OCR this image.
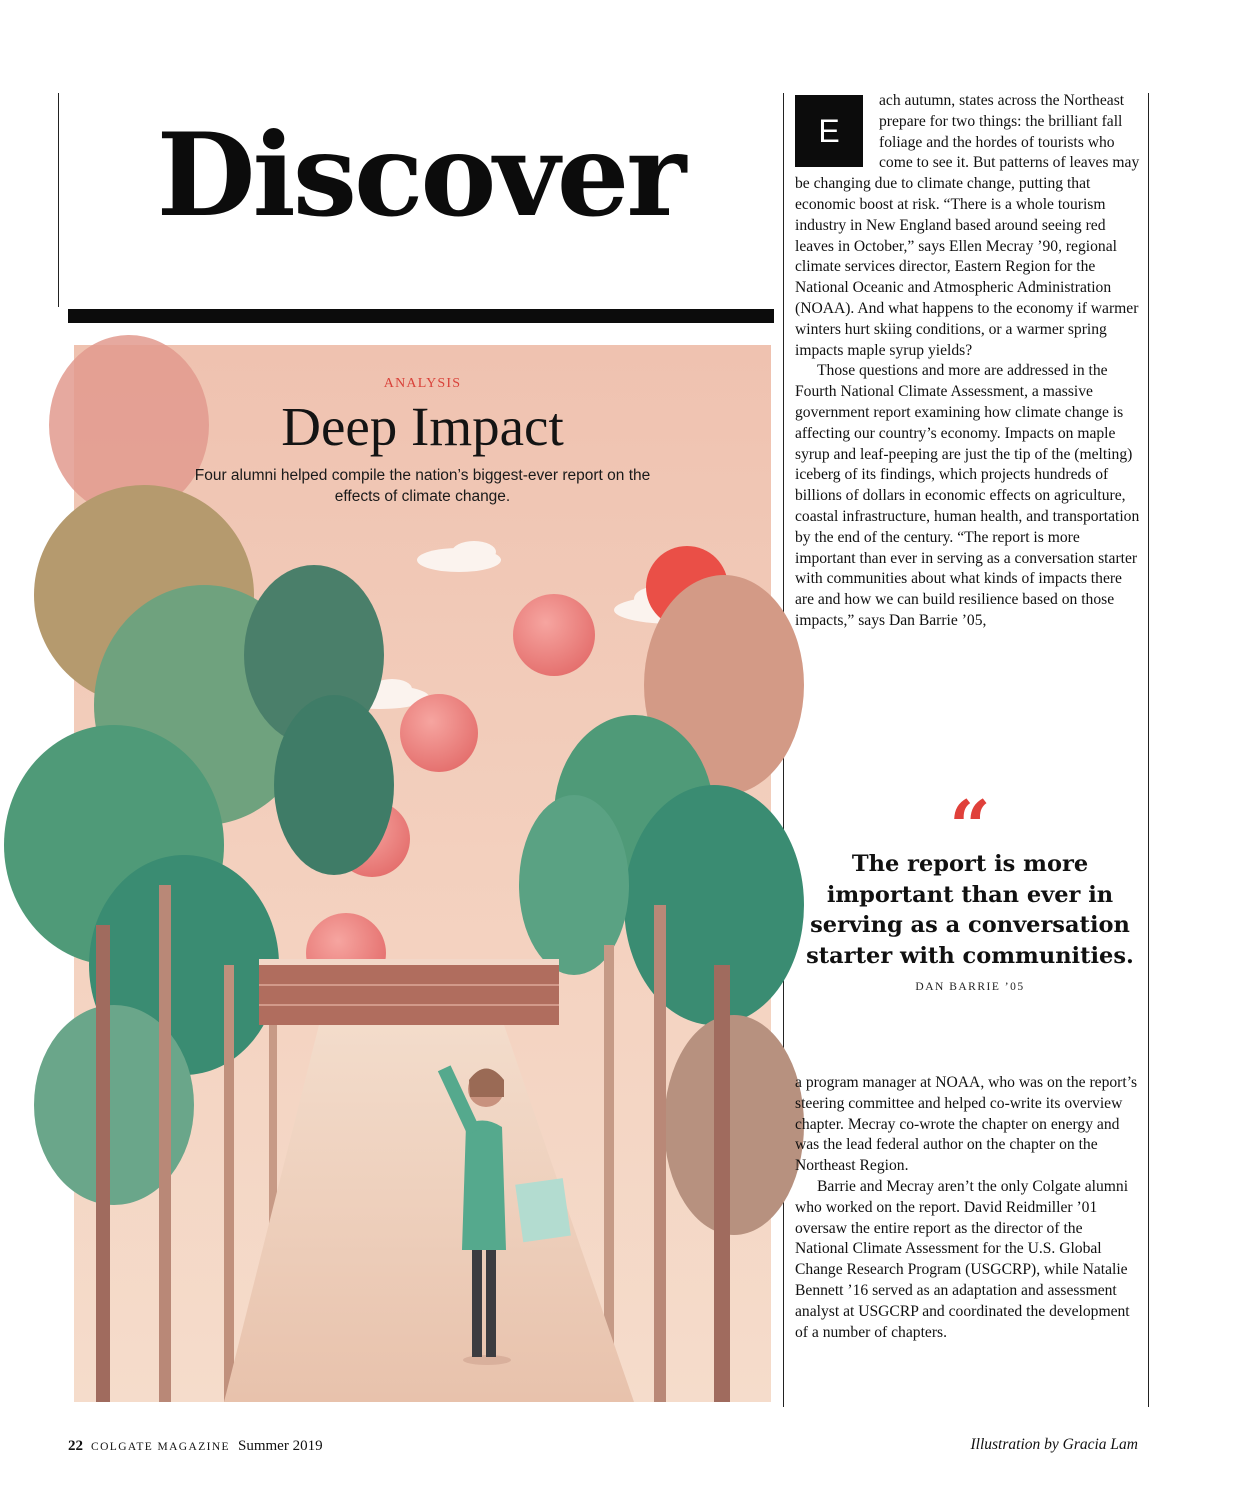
Discover
ANALYSIS
Deep Impact
Four alumni helped compile the nation’s biggest-ever report on the effects of climate change.

E
ach autumn, states across the Northeast prepare for two things: the brilliant fall foliage and the hordes of tourists who come to see it. But patterns of leaves may be changing due to climate change, putting that economic boost at risk. “There is a whole tourism industry in New England based around seeing red leaves in October,” says Ellen Mecray ’90, regional climate services director, Eastern Region for the National Oceanic and Atmospheric Administration (NOAA). And what happens to the economy if warmer winters hurt skiing conditions, or a warmer spring impacts maple syrup yields?

Those questions and more are addressed in the Fourth National Climate Assessment, a massive government report examining how climate change is affecting our country’s economy. Impacts on maple syrup and leaf-peeping are just the tip of the (melting) iceberg of its findings, which projects hundreds of billions of dollars in economic effects on agriculture, coastal infrastructure, human health, and transportation by the end of the century. “The report is more important than ever in serving as a conversation starter with communities about what kinds of impacts there are and how we can build resilience based on those impacts,” says Dan Barrie ’05,

“
The report is more important than ever in serving as a conversation starter with communities.
DAN BARRIE ’05

a program manager at NOAA, who was on the report’s steering committee and helped co-write its overview chapter. Mecray co-wrote the chapter on energy and was the lead federal author on the chapter on the Northeast Region.

Barrie and Mecray aren’t the only Colgate alumni who worked on the report. David Reidmiller ’01 oversaw the entire report as the director of the National Climate Assessment for the U.S. Global Change Research Program (USGCRP), while Natalie Bennett ’16 served as an adaptation and assessment analyst at USGCRP and coordinated the development of a number of chapters.

22 COLGATE MAGAZINE Summer 2019	Illustration by Gracia Lam
